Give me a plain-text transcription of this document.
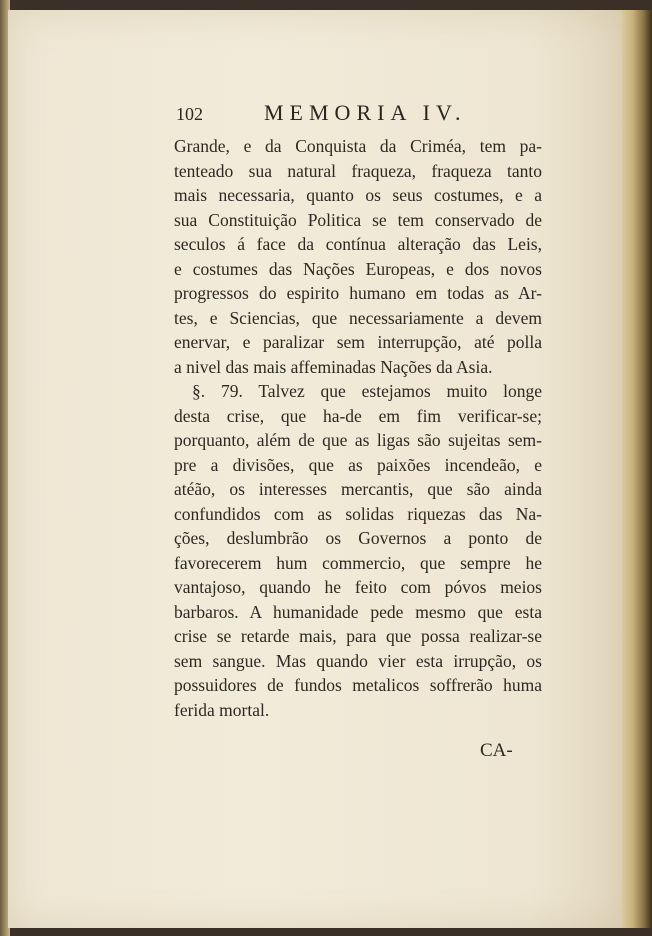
102	MEMORIA IV.
Grande, e da Conquista da Criméa, tem pa-
tenteado sua natural fraqueza, fraqueza tanto
mais necessaria, quanto os seus costumes, e a
sua Constituição Politica se tem conservado de
seculos á face da contínua alteração das Leis,
e costumes das Nações Europeas, e dos novos
progressos do espirito humano em todas as Ar-
tes, e Sciencias, que necessariamente a devem
enervar, e paralizar sem interrupção, até polla
a nivel das mais affeminadas Nações da Asia.
§. 79. Talvez que estejamos muito longe
desta crise, que ha-de em fim verificar-se;
porquanto, além de que as ligas são sujeitas sem-
pre a divisões, que as paixões incendeão, e
atéão, os interesses mercantis, que são ainda
confundidos com as solidas riquezas das Na-
ções, deslumbrão os Governos a ponto de
favorecerem hum commercio, que sempre he
vantajoso, quando he feito com póvos meios
barbaros. A humanidade pede mesmo que esta
crise se retarde mais, para que possa realizar-se
sem sangue. Mas quando vier esta irrupção, os
possuidores de fundos metalicos soffrerão huma
ferida mortal.
CA-
